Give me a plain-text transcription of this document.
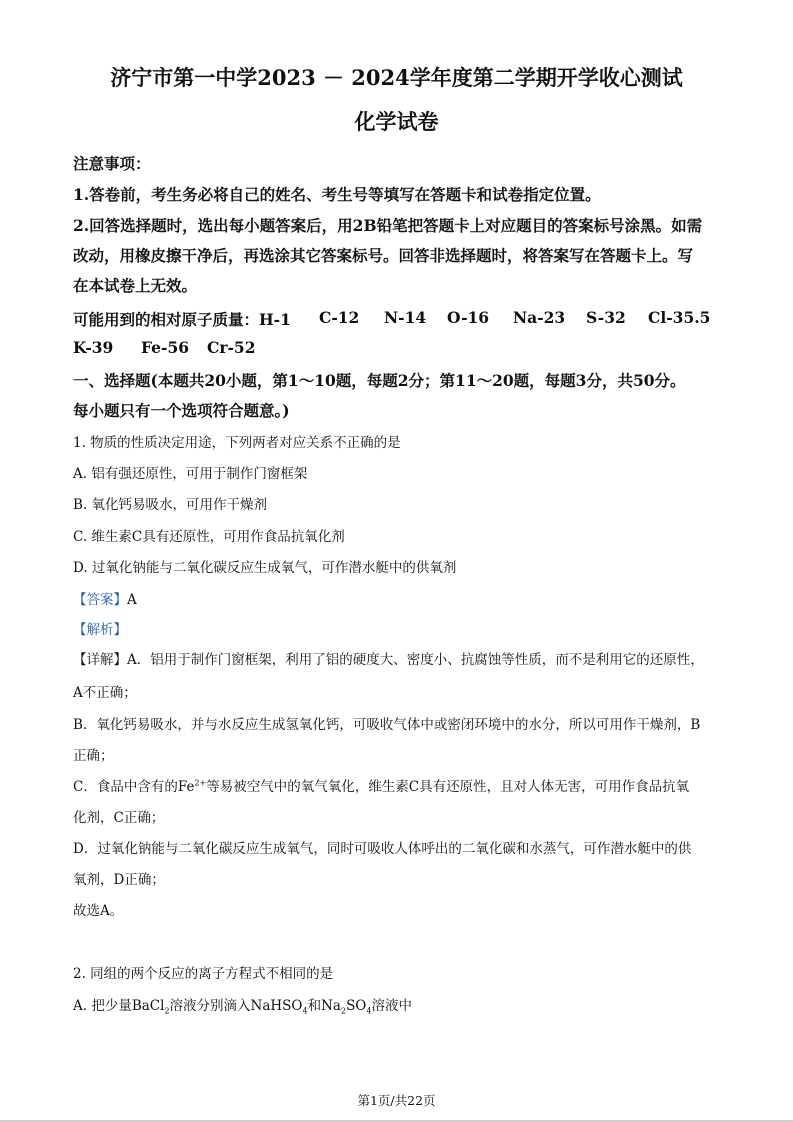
济宁市第一中学2023 － 2024学年度第二学期开学收心测试
化学试卷
注意事项：
1.答卷前，考生务必将自己的姓名、考生号等填写在答题卡和试卷指定位置。
2.回答选择题时，选出每小题答案后，用2B铅笔把答题卡上对应题目的答案标号涂黑。如需
改动，用橡皮擦干净后，再选涂其它答案标号。回答非选择题时，将答案写在答题卡上。写
在本试卷上无效。
可能用到的相对原子质量：H-1	C-12 N-14 O-16 Na-23 S-32 Cl-35.5
K-39 Fe-56 Cr-52
一、选择题(本题共20小题，第1～10题，每题2分；第11～20题，每题3分，共50分。
每小题只有一个选项符合题意。)
1. 物质的性质决定用途，下列两者对应关系不正确的是
A. 铝有强还原性，可用于制作门窗框架
B. 氧化钙易吸水，可用作干燥剂
C. 维生素C具有还原性，可用作食品抗氧化剂
D. 过氧化钠能与二氧化碳反应生成氧气，可作潜水艇中的供氧剂
【答案】A
【解析】
【详解】A．铝用于制作门窗框架，利用了铝的硬度大、密度小、抗腐蚀等性质，而不是利用它的还原性，
A不正确；
B．氧化钙易吸水，并与水反应生成氢氧化钙，可吸收气体中或密闭环境中的水分，所以可用作干燥剂，B
正确；
C．食品中含有的$Fe^{2+}$等易被空气中的氧气氧化，维生素C具有还原性，且对人体无害，可用作食品抗氧
化剂，C正确；
D．过氧化钠能与二氧化碳反应生成氧气，同时可吸收人体呼出的二氧化碳和水蒸气，可作潜水艇中的供
氧剂，D正确；
故选A。
2. 同组的两个反应的离子方程式不相同的是
A. 把少量BaCl$_2$溶液分别滴入NaHSO$_4$和$Na_2SO_4$溶液中
第1页/共22页
